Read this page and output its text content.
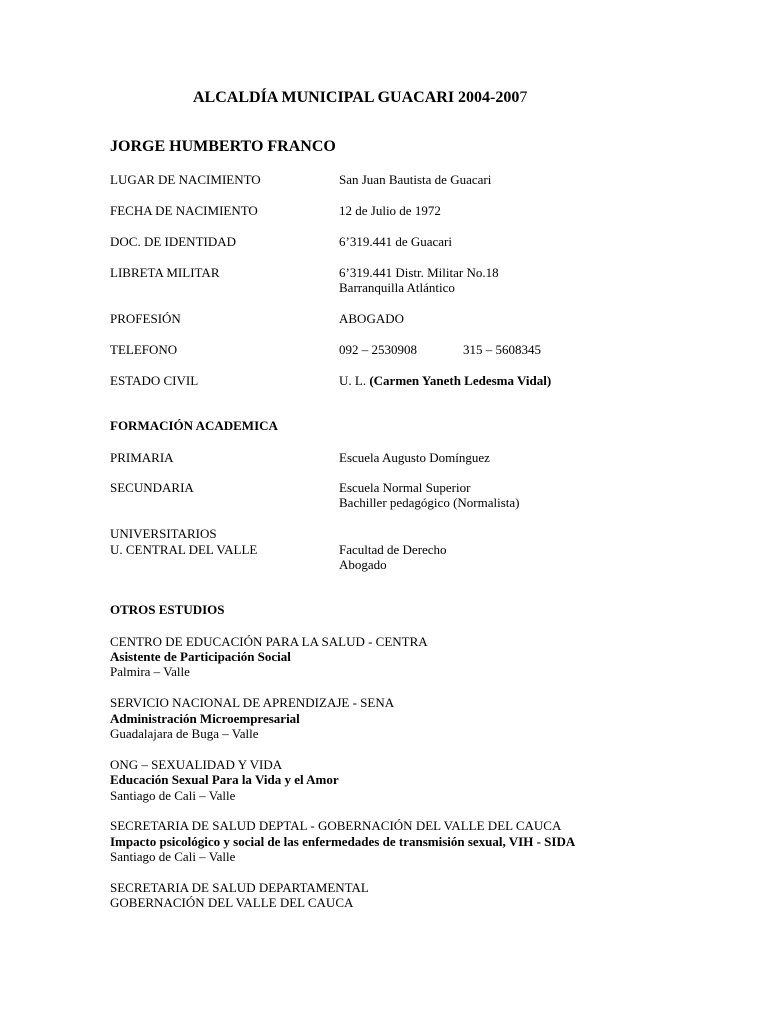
ALCALDÍA MUNICIPAL GUACARI 2004-2007
JORGE HUMBERTO FRANCO
LUGAR DE NACIMIENTO	San Juan Bautista de Guacari
FECHA DE NACIMIENTO	12 de Julio de 1972
DOC. DE IDENTIDAD	6’319.441 de Guacari
LIBRETA MILITAR	6’319.441 Distr. Militar No.18
Barranquilla Atlántico
PROFESIÓN	ABOGADO
TELEFONO	092 – 2530908	315 – 5608345
ESTADO CIVIL	U. L. (Carmen Yaneth Ledesma Vidal)
FORMACIÓN ACADEMICA
PRIMARIA	Escuela Augusto Domínguez
SECUNDARIA	Escuela Normal Superior
Bachiller pedagógico (Normalista)
UNIVERSITARIOS
U. CENTRAL DEL VALLE	Facultad de Derecho
Abogado
OTROS ESTUDIOS
CENTRO DE EDUCACIÓN PARA LA SALUD - CENTRA
Asistente de Participación Social
Palmira – Valle
SERVICIO NACIONAL DE APRENDIZAJE - SENA
Administración Microempresarial
Guadalajara de Buga – Valle
ONG – SEXUALIDAD Y VIDA
Educación Sexual Para la Vida y el Amor
Santiago de Cali – Valle
SECRETARIA DE SALUD DEPTAL - GOBERNACIÓN DEL VALLE DEL CAUCA
Impacto psicológico y social de las enfermedades de transmisión sexual, VIH - SIDA
Santiago de Cali – Valle
SECRETARIA DE SALUD DEPARTAMENTAL
GOBERNACIÓN DEL VALLE DEL CAUCA
